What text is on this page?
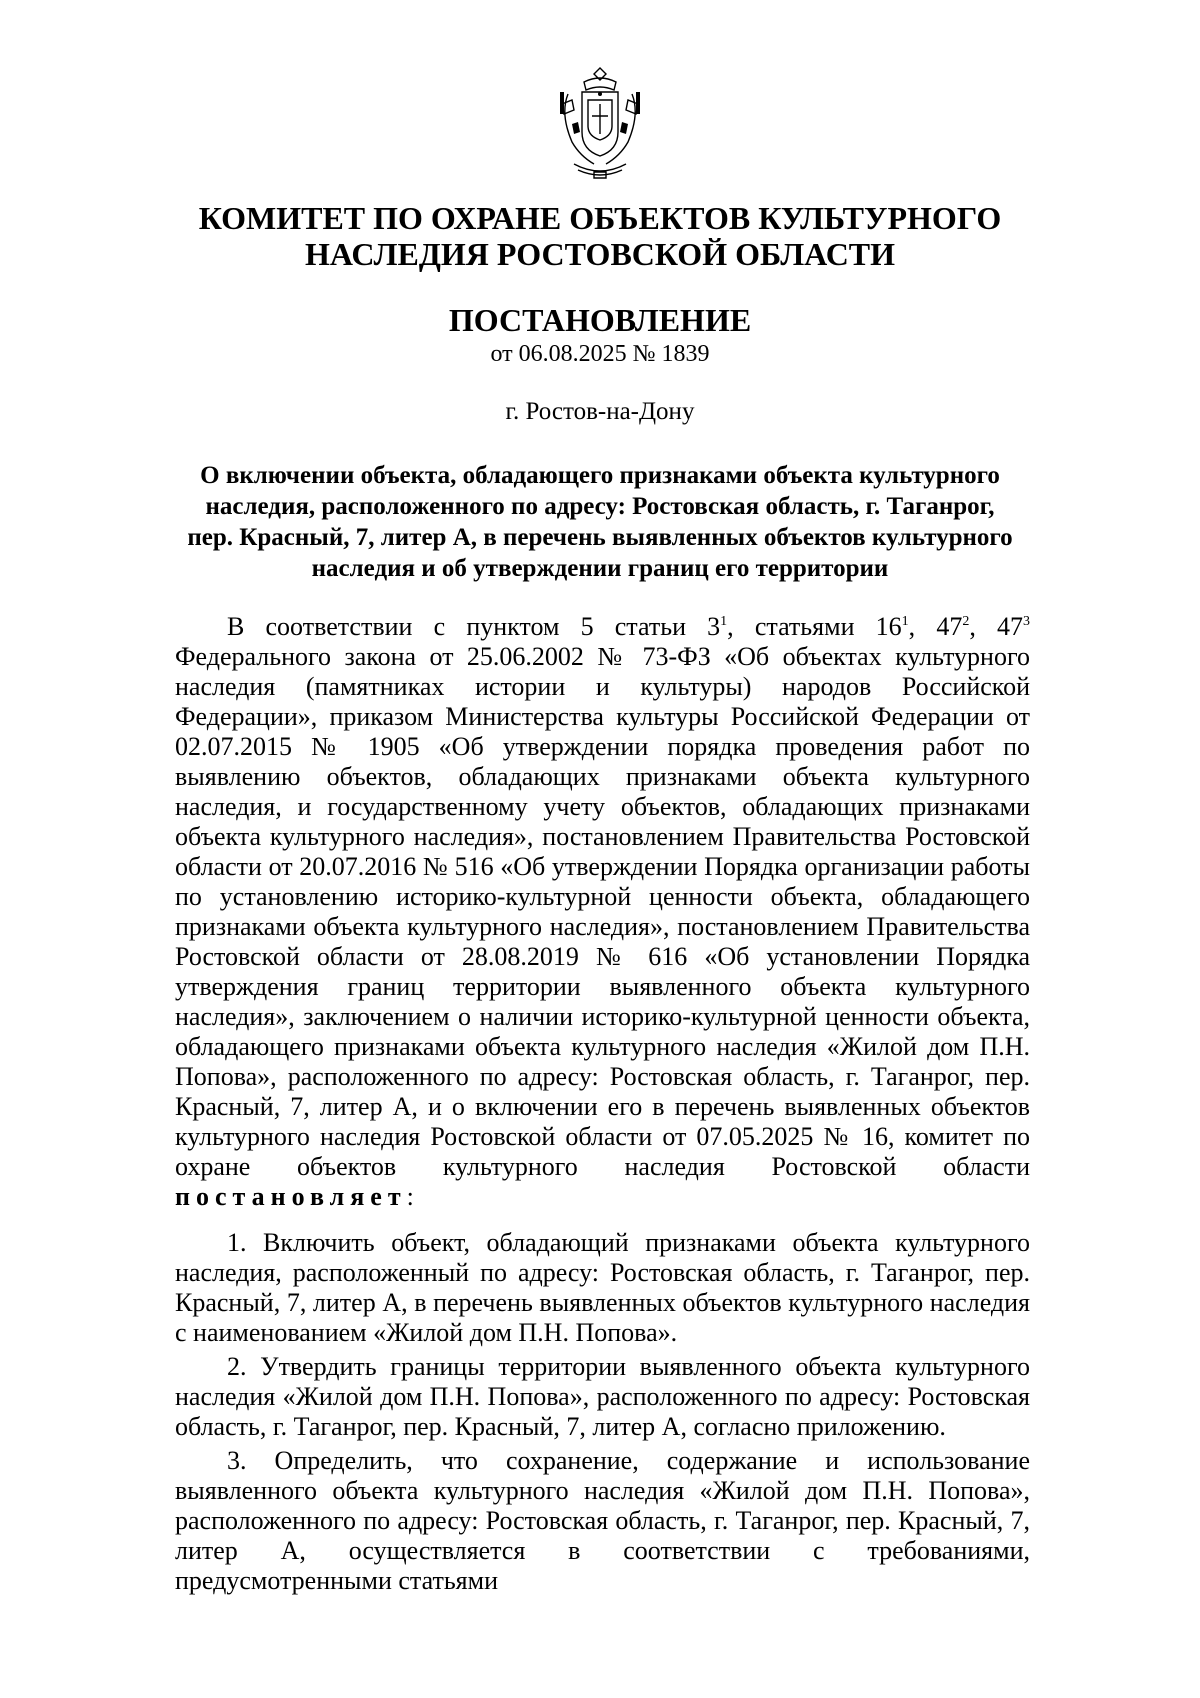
КОМИТЕТ ПО ОХРАНЕ ОБЪЕКТОВ КУЛЬТУРНОГО
НАСЛЕДИЯ РОСТОВСКОЙ ОБЛАСТИ
ПОСТАНОВЛЕНИЕ
от 06.08.2025 № 1839
г. Ростов-на-Дону
О включении объекта, обладающего признаками объекта культурного
наследия, расположенного по адресу: Ростовская область, г. Таганрог,
пер. Красный, 7, литер А, в перечень выявленных объектов культурного
наследия и об утверждении границ его территории
В соответствии с пунктом 5 статьи $3^1$, статьями $16^1$, $47^2$, $47^3$ Федерального закона от 25.06.2002 № 73-ФЗ «Об объектах культурного наследия (памятниках истории и культуры) народов Российской Федерации», приказом Министерства культуры Российской Федерации от 02.07.2015 № 1905 «Об утверждении порядка проведения работ по выявлению объектов, обладающих признаками объекта культурного наследия, и государственному учету объектов, обладающих признаками объекта культурного наследия», постановлением Правительства Ростовской области от 20.07.2016 № 516 «Об утверждении Порядка организации работы по установлению историко-культурной ценности объекта, обладающего признаками объекта культурного наследия», постановлением Правительства Ростовской области от 28.08.2019 № 616 «Об установлении Порядка утверждения границ территории выявленного объекта культурного наследия», заключением о наличии историко-культурной ценности объекта, обладающего признаками объекта культурного наследия «Жилой дом П.Н. Попова», расположенного по адресу: Ростовская область, г. Таганрог, пер. Красный, 7, литер А, и о включении его в перечень выявленных объектов культурного наследия Ростовской области от 07.05.2025 № 16, комитет по охране объектов культурного наследия Ростовской области постановляет:
1. Включить объект, обладающий признаками объекта культурного наследия, расположенный по адресу: Ростовская область, г. Таганрог, пер. Красный, 7, литер А, в перечень выявленных объектов культурного наследия с наименованием «Жилой дом П.Н. Попова».
2. Утвердить границы территории выявленного объекта культурного наследия «Жилой дом П.Н. Попова», расположенного по адресу: Ростовская область, г. Таганрог, пер. Красный, 7, литер А, согласно приложению.
3. Определить, что сохранение, содержание и использование выявленного объекта культурного наследия «Жилой дом П.Н. Попова», расположенного по адресу: Ростовская область, г. Таганрог, пер. Красный, 7, литер А, осуществляется в соответствии с требованиями, предусмотренными статьями
